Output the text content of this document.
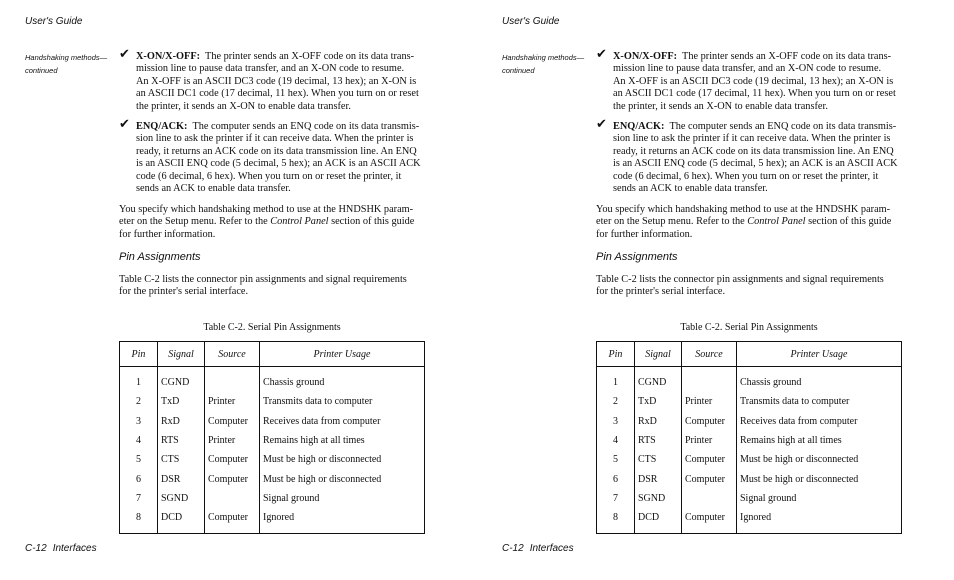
User's Guide
Handshaking methods—
continued
✔ X-ON/X-OFF: The printer sends an X-OFF code on its data trans-
mission line to pause data transfer, and an X-ON code to resume.
An X-OFF is an ASCII DC3 code (19 decimal, 13 hex); an X-ON is
an ASCII DC1 code (17 decimal, 11 hex). When you turn on or reset
the printer, it sends an X-ON to enable data transfer.
✔ ENQ/ACK: The computer sends an ENQ code on its data transmis-
sion line to ask the printer if it can receive data. When the printer is
ready, it returns an ACK code on its data transmission line. An ENQ
is an ASCII ENQ code (5 decimal, 5 hex); an ACK is an ASCII ACK
code (6 decimal, 6 hex). When you turn on or reset the printer, it
sends an ACK to enable data transfer.
You specify which handshaking method to use at the HNDSHK param-
eter on the Setup menu. Refer to the Control Panel section of this guide
for further information.
Pin Assignments
Table C-2 lists the connector pin assignments and signal requirements
for the printer's serial interface.
Table C-2. Serial Pin Assignments
Pin	Signal	Source	Printer Usage
1	CGND		Chassis ground
2	TxD	Printer	Transmits data to computer
3	RxD	Computer	Receives data from computer
4	RTS	Printer	Remains high at all times
5	CTS	Computer	Must be high or disconnected
6	DSR	Computer	Must be high or disconnected
7	SGND		Signal ground
8	DCD	Computer	Ignored
C-12 Interfaces
User's Guide
Handshaking methods—
continued
✔ X-ON/X-OFF: The printer sends an X-OFF code on its data trans-
mission line to pause data transfer, and an X-ON code to resume.
An X-OFF is an ASCII DC3 code (19 decimal, 13 hex); an X-ON is
an ASCII DC1 code (17 decimal, 11 hex). When you turn on or reset
the printer, it sends an X-ON to enable data transfer.
✔ ENQ/ACK: The computer sends an ENQ code on its data transmis-
sion line to ask the printer if it can receive data. When the printer is
ready, it returns an ACK code on its data transmission line. An ENQ
is an ASCII ENQ code (5 decimal, 5 hex); an ACK is an ASCII ACK
code (6 decimal, 6 hex). When you turn on or reset the printer, it
sends an ACK to enable data transfer.
You specify which handshaking method to use at the HNDSHK param-
eter on the Setup menu. Refer to the Control Panel section of this guide
for further information.
Pin Assignments
Table C-2 lists the connector pin assignments and signal requirements
for the printer's serial interface.
Table C-2. Serial Pin Assignments
Pin	Signal	Source	Printer Usage
1	CGND		Chassis ground
2	TxD	Printer	Transmits data to computer
3	RxD	Computer	Receives data from computer
4	RTS	Printer	Remains high at all times
5	CTS	Computer	Must be high or disconnected
6	DSR	Computer	Must be high or disconnected
7	SGND		Signal ground
8	DCD	Computer	Ignored
C-12 Interfaces
